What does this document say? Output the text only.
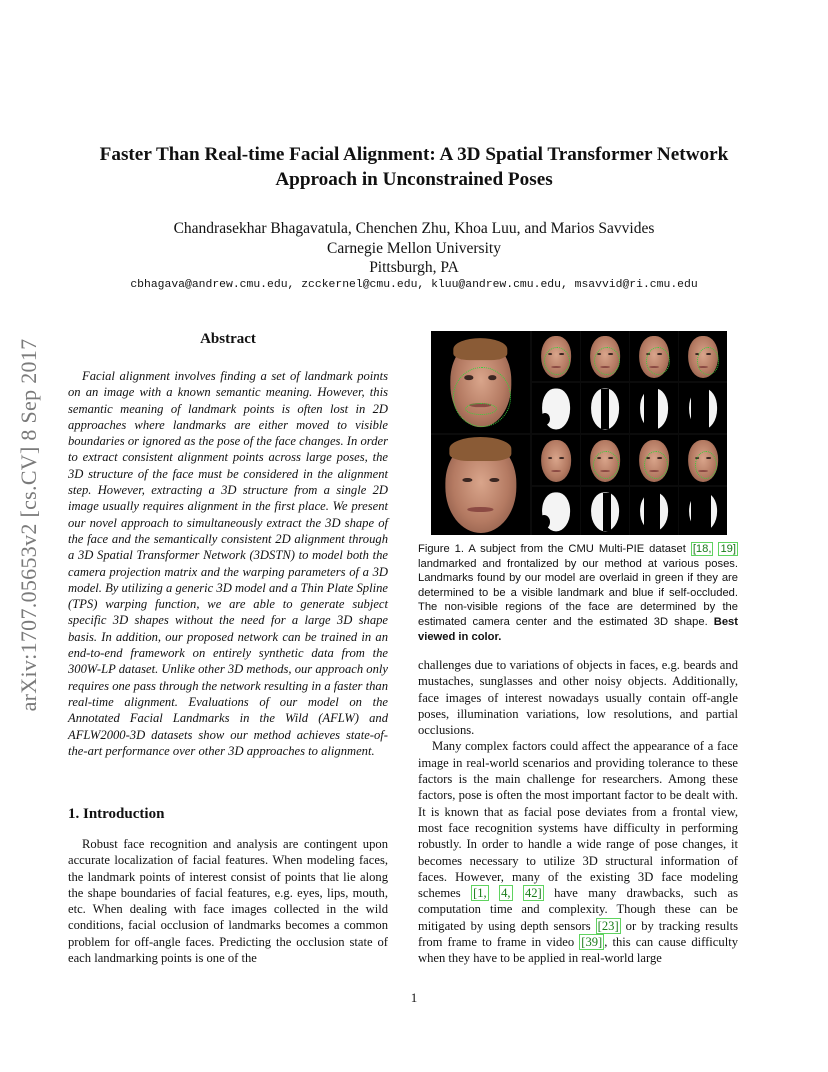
arXiv:1707.05653v2 [cs.CV] 8 Sep 2017
Faster Than Real-time Facial Alignment: A 3D Spatial Transformer Network
Approach in Unconstrained Poses
Chandrasekhar Bhagavatula, Chenchen Zhu, Khoa Luu, and Marios Savvides
Carnegie Mellon University
Pittsburgh, PA
cbhagava@andrew.cmu.edu, zcckernel@cmu.edu, kluu@andrew.cmu.edu, msavvid@ri.cmu.edu
Abstract

Facial alignment involves finding a set of landmark points on an image with a known semantic meaning. However, this semantic meaning of landmark points is often lost in 2D approaches where landmarks are either moved to visible boundaries or ignored as the pose of the face changes. In order to extract consistent alignment points across large poses, the 3D structure of the face must be considered in the alignment step. However, extracting a 3D structure from a single 2D image usually requires alignment in the first place. We present our novel approach to simultaneously extract the 3D shape of the face and the semantically consistent 2D alignment through a 3D Spatial Transformer Network (3DSTN) to model both the camera projection matrix and the warping parameters of a 3D model. By utilizing a generic 3D model and a Thin Plate Spline (TPS) warping function, we are able to generate subject specific 3D shapes without the need for a large 3D shape basis. In addition, our proposed network can be trained in an end-to-end framework on entirely synthetic data from the 300W-LP dataset. Unlike other 3D methods, our approach only requires one pass through the network resulting in a faster than real-time alignment. Evaluations of our model on the Annotated Facial Landmarks in the Wild (AFLW) and AFLW2000-3D datasets show our method achieves state-of-the-art performance over other 3D approaches to alignment.

1. Introduction

Robust face recognition and analysis are contingent upon accurate localization of facial features. When modeling faces, the landmark points of interest consist of points that lie along the shape boundaries of facial features, e.g. eyes, lips, mouth, etc. When dealing with face images collected in the wild conditions, facial occlusion of landmarks becomes a common problem for off-angle faces. Predicting the occlusion state of each landmarking points is one of the

Figure 1. A subject from the CMU Multi-PIE dataset [18, 19] landmarked and frontalized by our method at various poses. Landmarks found by our model are overlaid in green if they are determined to be a visible landmark and blue if self-occluded. The non-visible regions of the face are determined by the estimated camera center and the estimated 3D shape. Best viewed in color.

challenges due to variations of objects in faces, e.g. beards and mustaches, sunglasses and other noisy objects. Additionally, face images of interest nowadays usually contain off-angle poses, illumination variations, low resolutions, and partial occlusions.

Many complex factors could affect the appearance of a face image in real-world scenarios and providing tolerance to these factors is the main challenge for researchers. Among these factors, pose is often the most important factor to be dealt with. It is known that as facial pose deviates from a frontal view, most face recognition systems have difficulty in performing robustly. In order to handle a wide range of pose changes, it becomes necessary to utilize 3D structural information of faces. However, many of the existing 3D face modeling schemes [1, 4, 42] have many drawbacks, such as computation time and complexity. Though these can be mitigated by using depth sensors [23] or by tracking results from frame to frame in video [39] , this can cause difficulty when they have to be applied in real-world large

1
